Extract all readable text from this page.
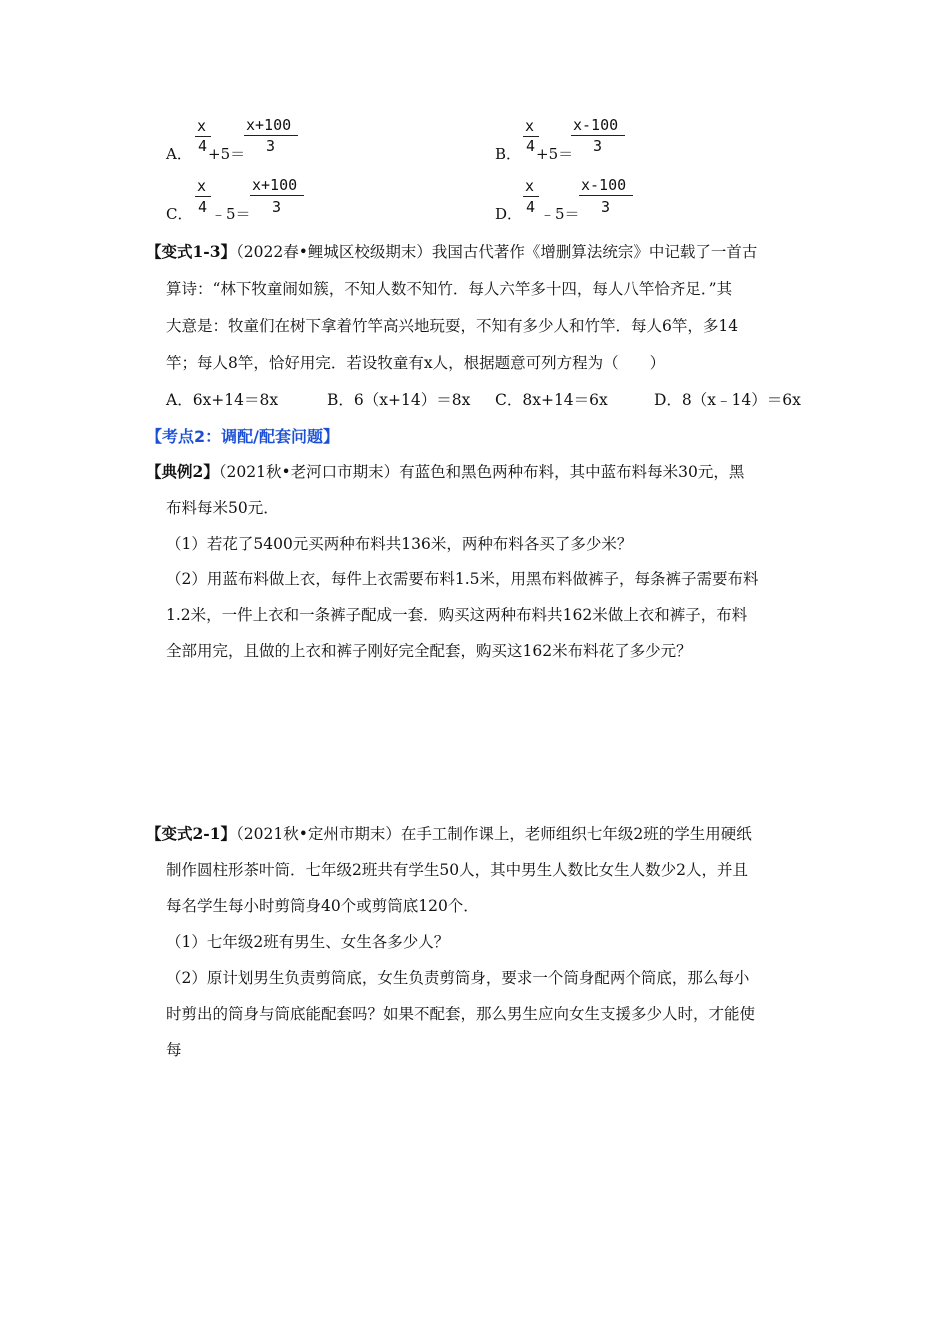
A．
x
4 +5＝
x+100
3	B．
x
4 +5＝
x-100
3
C．
x
4 ﹣5＝
x+100
3	D．
x
4 ﹣5＝
x-100
3
【变式1-3】（2022春•鲤城区校级期末）我国古代著作《增删算法统宗》中记载了一首古
算诗：“林下牧童闹如簇，不知人数不知竹．每人六竿多十四，每人八竿恰齐足．”其
大意是：牧童们在树下拿着竹竿高兴地玩耍，不知有多少人和竹竿．每人6竿，多14
竿；每人8竿，恰好用完．若设牧童有x人，根据题意可列方程为（　　）
A．6x+14＝8x	B．6（x+14）＝8x C．8x+14＝6x	D．8（x﹣14）＝6x
【考点2：调配/配套问题】
【典例2】（2021秋•老河口市期末）有蓝色和黑色两种布料，其中蓝布料每米30元，黑
布料每米50元．
（1）若花了5400元买两种布料共136米，两种布料各买了多少米？
（2）用蓝布料做上衣，每件上衣需要布料1.5米，用黑布料做裤子，每条裤子需要布料
1.2米，一件上衣和一条裤子配成一套．购买这两种布料共162米做上衣和裤子，布料
全部用完，且做的上衣和裤子刚好完全配套，购买这162米布料花了多少元？
【变式2-1】（2021秋•定州市期末）在手工制作课上，老师组织七年级2班的学生用硬纸
制作圆柱形茶叶筒．七年级2班共有学生50人，其中男生人数比女生人数少2人，并且
每名学生每小时剪筒身40个或剪筒底120个．
（1）七年级2班有男生、女生各多少人？
（2）原计划男生负责剪筒底，女生负责剪筒身，要求一个筒身配两个筒底，那么每小
时剪出的筒身与筒底能配套吗？如果不配套，那么男生应向女生支援多少人时，才能使
每
